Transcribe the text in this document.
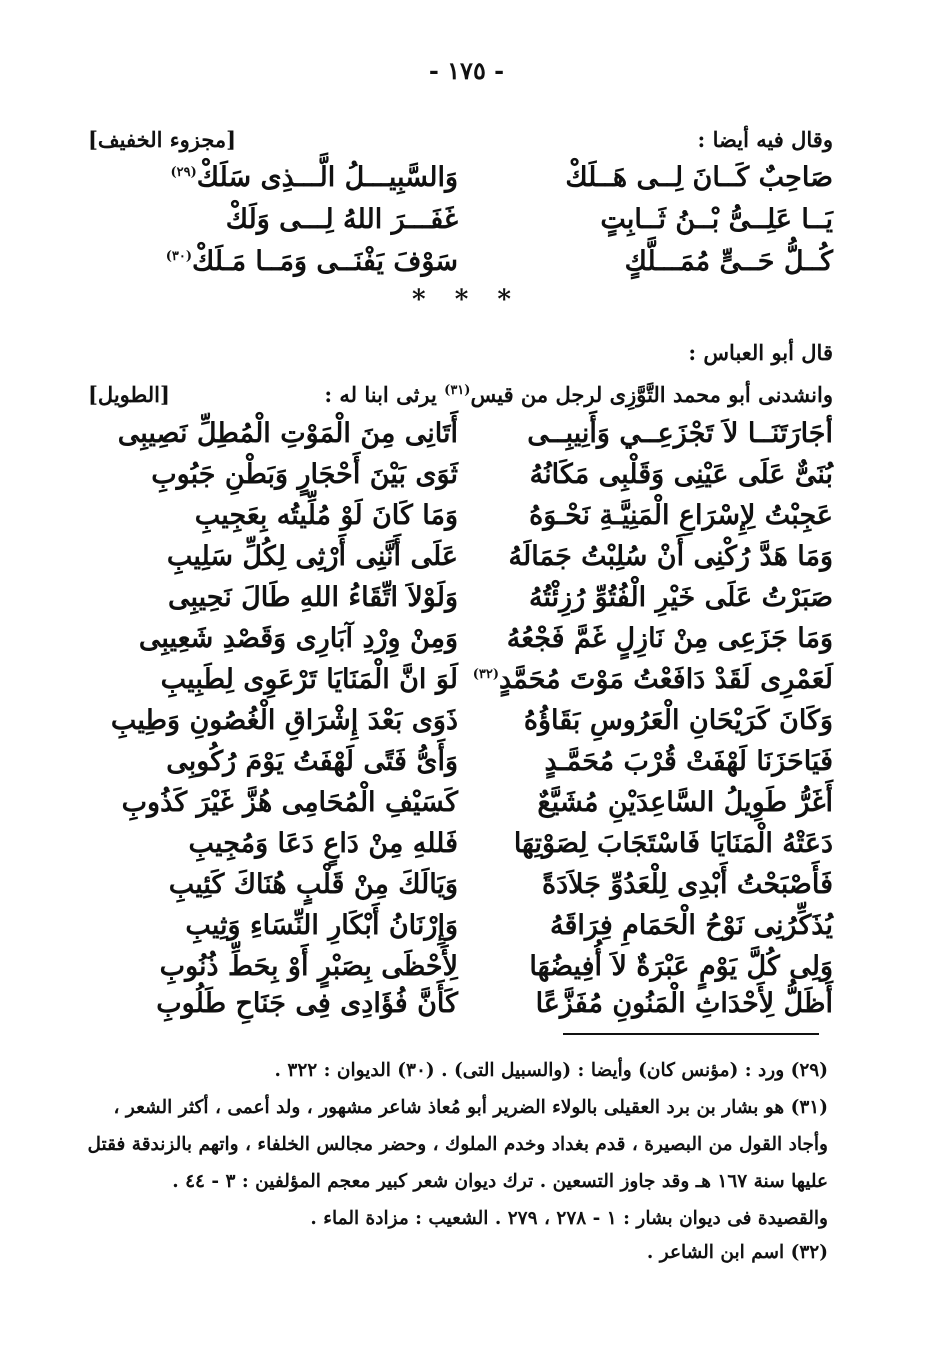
- ١٧٥ -
وقال فيه أيضا :
[مجزوء الخفيف]
صَاحِبٌ كَــانَ لِــى هَــلَكْ
وَالسَّبِيـــلُ الَّـــذِى سَلَكْ$^{(٢٩)}$
يَــا عَلِــىُّ بْــنُ ثَــابِتٍ
غَفَـــرَ اللهُ لِـــى وَلَكْ
كُــلُّ حَــىٍّ مُمَـــلَّكٍ
سَوْفَ يَفْنَــى وَمَــا مَـلَكْ$^{(٣٠)}$
* * *
قال أبو العباس :
وانشدنى أبو محمد التَّوَّزِى لرجل من قيس$^{(٣١)}$ يرثى ابنا له :
[الطويل]
أجَارَتَنَــا لاَ تَجْزَعِــي وَأَنِيبِــى
أَتَانِى مِنَ الْمَوْتِ الْمُطِلِّ نَصِيبِى
بُنَىٌّ عَلَى عَيْنِى وَقَلْبِى مَكَانُهُ
ثَوَى بَيْنَ أَحْجَارٍ وَبَطْنِ جَبُوبِ
عَجِبْتُ لِإِسْرَاعِ الْمَنِيَّـةِ نَحْـوَهُ
وَمَا كَانَ لَوْ مُلِّيتُه بِعَجِيبِ
وَمَا هَدَّ رُكْنِى أَنْ سُلِبْتُ جَمَالَهُ
عَلَى أَنَّنِى أَرْثِى لِكُلِّ سَلِيبِ
صَبَرْتُ عَلَى خَيْرِ الْفُتُوِّ رُزِئْتُهُ
وَلَوْلاَ اتِّقَاءُ اللهِ طَالَ نَحِيبِى
وَمَا جَزَعِى مِنْ نَازِلٍ غَمَّ فَجْعُهُ
وَمِنْ وِرْدِ آبَارِى وَقَصْدِ شَعِيبِى
لَعَمْرِى لَقَدْ دَافَعْتُ مَوْتَ مُحَمَّدٍ$^{(٣٢)}$
لَوَ انَّ الْمَنَايَا تَرْعَوِى لِطَبِيبِ
وَكَانَ كَرَيْحَانِ الْعَرُوسِ بَقَاؤُهُ
ذَوَى بَعْدَ إِشْرَاقِ الْغُصُونِ وَطِيبِ
فَيَاحَزَنَا لَهْفَتْ قُرْبَ مُحَمَّـدٍ
وَأَىُّ فَتًى لَهْفَتُ يَوْمَ رُكُوبِى
أَغَرُّ طَوِيلُ السَّاعِدَيْنِ مُشَيَّعٌ
كَسَيْفِ الْمُحَامِى هُزَّ غَيْرَ كَذُوبِ
دَعَتْهُ الْمَنَايَا فَاسْتَجَابَ لِصَوْتِهَا
فَللهِ مِنْ دَاعٍ دَعَا وَمُجِيبِ
فَأَصْبَحْتُ أَبْدِى لِلْعَدُوِّ جَلاَدَةً
وَيَالَكَ مِنْ قَلْبٍ هُنَاكَ كَئِيبِ
يُذَكِّرُنِى نَوْحُ الْحَمَامِ فِرَاقَهُ
وَإِرْنَانُ أَبْكَارِ النِّسَاءِ وَثِيبِ
وَلِى كُلَّ يَوْمٍ عَبْرَةٌ لاَ أُفِيضُهَا
لِأَحْظَى بِصَبْرٍ أَوْ بِحَطِّ ذُنُوبِ
أَظَلُّ لِأَحْدَاثِ الْمَنُونِ مُفَزَّعًا
كَأَنَّ فُؤَادِى فِى جَنَاحِ طَلُوبِ
(٢٩) ورد : (مؤنس كان) وأيضا : (والسبيل التى) . (٣٠) الديوان : ٣٢٢ .
(٣١) هو بشار بن برد العقيلى بالولاء الضرير أبو مُعاذ شاعر مشهور ، ولد أعمى ، أكثر الشعر ،
وأجاد القول من البصيرة ، قدم بغداد وخدم الملوك ، وحضر مجالس الخلفاء ، واتهم بالزندقة فقتل
عليها سنة ١٦٧ هـ وقد جاوز التسعين . ترك ديوان شعر كبير معجم المؤلفين : ٣ - ٤٤ .
والقصيدة فى ديوان بشار : ١ - ٢٧٨ ، ٢٧٩ . الشعيب : مزادة الماء .
(٣٢) اسم ابن الشاعر .
